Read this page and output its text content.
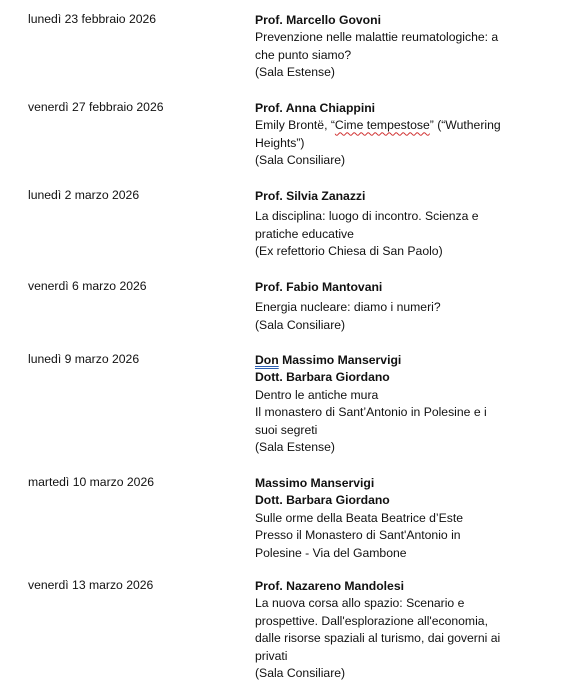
lunedì 23 febbraio 2026	Prof. Marcello Govoni
Prevenzione nelle malattie reumatologiche: a
che punto siamo?
(Sala Estense)
venerdì 27 febbraio 2026	Prof. Anna Chiappini
Emily Brontë, “Cime tempestose” (“Wuthering
Heights”)
(Sala Consiliare)
lunedì 2 marzo 2026	Prof. Silvia Zanazzi
La disciplina: luogo di incontro. Scienza e
pratiche educative
(Ex refettorio Chiesa di San Paolo)
venerdì 6 marzo 2026	Prof. Fabio Mantovani
Energia nucleare: diamo i numeri?
(Sala Consiliare)
lunedì 9 marzo 2026	Don Massimo Manservigi
Dott. Barbara Giordano
Dentro le antiche mura
Il monastero di Sant’Antonio in Polesine e i
suoi segreti
(Sala Estense)
martedì 10 marzo 2026	Massimo Manservigi
Dott. Barbara Giordano
Sulle orme della Beata Beatrice d’Este
Presso il Monastero di Sant'Antonio in
Polesine - Via del Gambone
venerdì 13 marzo 2026	Prof. Nazareno Mandolesi
La nuova corsa allo spazio: Scenario e
prospettive. Dall'esplorazione all'economia,
dalle risorse spaziali al turismo, dai governi ai
privati
(Sala Consiliare)
